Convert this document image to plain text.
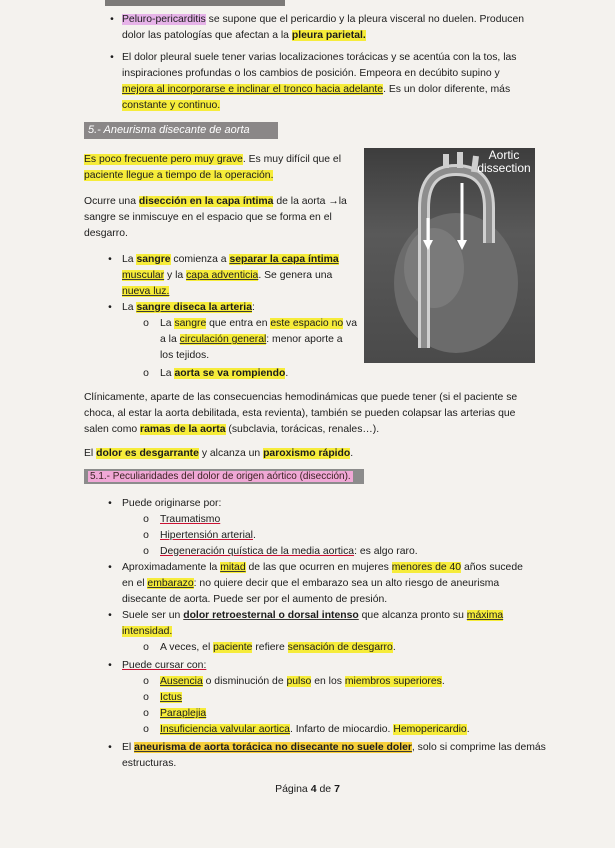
• Peluro-pericarditis se supone que el pericardio y la pleura visceral no duelen. Producen
dolor las patologías que afectan a la pleura parietal.
• El dolor pleural suele tener varias localizaciones torácicas y se acentúa con la tos, las
inspiraciones profundas o los cambios de posición. Empeora en decúbito supino y
mejora al incorporarse e inclinar el tronco hacia adelante. Es un dolor diferente, más
constante y continuo.
5.- Aneurisma disecante de aorta
Aortic
dissection
Es poco frecuente pero muy grave. Es muy difícil que el
paciente llegue a tiempo de la operación.
Ocurre una disección en la capa íntima de la aorta →la
sangre se inmiscuye en el espacio que se forma en el
desgarro.
• La sangre comienza a separar la capa íntima
muscular y la capa adventicia. Se genera una
nueva luz.
• La sangre diseca la arteria:
o La sangre que entra en este espacio no va
a la circulación general: menor aporte a
los tejidos.
o La aorta se va rompiendo.
Clínicamente, aparte de las consecuencias hemodinámicas que puede tener (si el paciente se
choca, al estar la aorta debilitada, esta revienta), también se pueden colapsar las arterias que
salen como ramas de la aorta (subclavia, torácicas, renales…).
El dolor es desgarrante y alcanza un paroxismo rápido.
5.1.- Peculiaridades del dolor de origen aórtico (disección).
• Puede originarse por:
o Traumatismo
o Hipertensión arterial.
o Degeneración quística de la media aortica: es algo raro.
• Aproximadamente la mitad de las que ocurren en mujeres menores de 40 años sucede
en el embarazo: no quiere decir que el embarazo sea un alto riesgo de aneurisma
disecante de aorta. Puede ser por el aumento de presión.
• Suele ser un dolor retroesternal o dorsal intenso que alcanza pronto su máxima
intensidad.
o A veces, el paciente refiere sensación de desgarro.
• Puede cursar con:
o Ausencia o disminución de pulso en los miembros superiores.
o Ictus
o Paraplejia
o Insuficiencia valvular aortica. Infarto de miocardio. Hemopericardio.
• El aneurisma de aorta torácica no disecante no suele doler, solo si comprime las demás
estructuras.
Página 4 de 7
